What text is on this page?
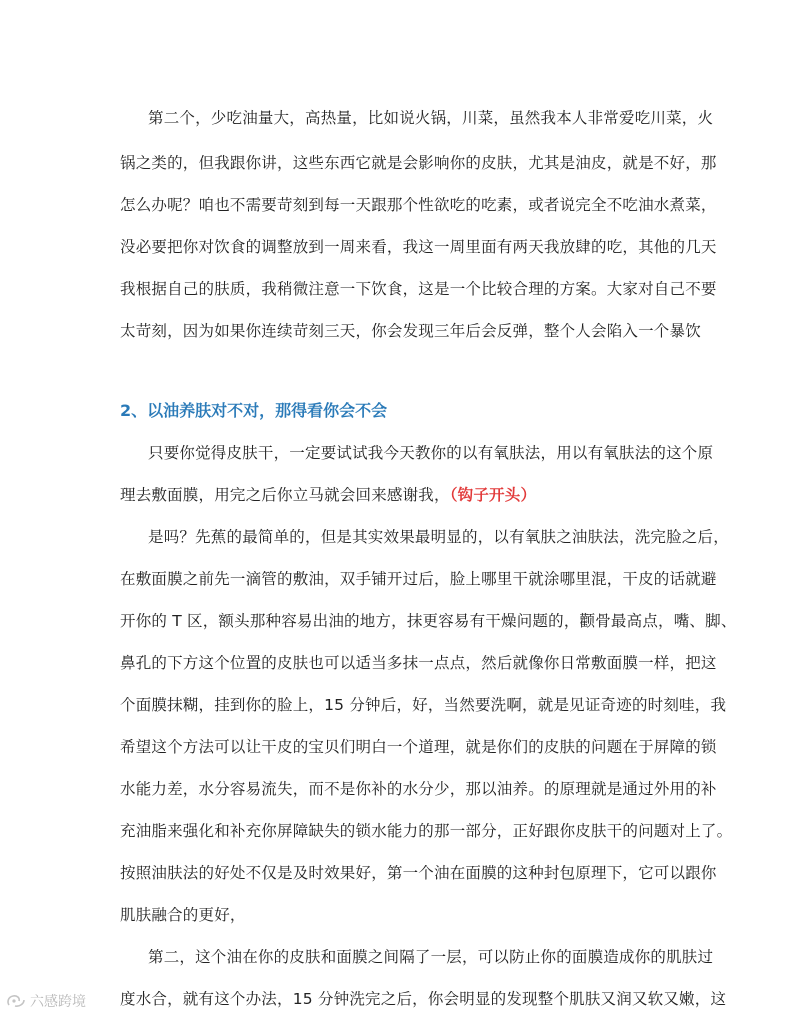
第二个，少吃油量大，高热量，比如说火锅，川菜，虽然我本人非常爱吃川菜，火
锅之类的，但我跟你讲，这些东西它就是会影响你的皮肤，尤其是油皮，就是不好，那
怎么办呢？咱也不需要苛刻到每一天跟那个性欲吃的吃素，或者说完全不吃油水煮菜，
没必要把你对饮食的调整放到一周来看，我这一周里面有两天我放肆的吃，其他的几天
我根据自己的肤质，我稍微注意一下饮食，这是一个比较合理的方案。大家对自己不要
太苛刻，因为如果你连续苛刻三天，你会发现三年后会反弹，整个人会陷入一个暴饮
2、以油养肤对不对，那得看你会不会
只要你觉得皮肤干，一定要试试我今天教你的以有氧肤法，用以有氧肤法的这个原
理去敷面膜，用完之后你立马就会回来感谢我，（钩子开头）
是吗？先蕉的最简单的，但是其实效果最明显的，以有氧肤之油肤法，洗完脸之后，
在敷面膜之前先一滴管的敷油，双手铺开过后，脸上哪里干就涂哪里混，干皮的话就避
开你的 T 区，额头那种容易出油的地方，抹更容易有干燥问题的，颧骨最高点，嘴、脚、
鼻孔的下方这个位置的皮肤也可以适当多抹一点点，然后就像你日常敷面膜一样，把这
个面膜抹糊，挂到你的脸上，15 分钟后，好，当然要洗啊，就是见证奇迹的时刻哇，我
希望这个方法可以让干皮的宝贝们明白一个道理，就是你们的皮肤的问题在于屏障的锁
水能力差，水分容易流失，而不是你补的水分少，那以油养。的原理就是通过外用的补
充油脂来强化和补充你屏障缺失的锁水能力的那一部分，正好跟你皮肤干的问题对上了。
按照油肤法的好处不仅是及时效果好，第一个油在面膜的这种封包原理下，它可以跟你
肌肤融合的更好，
第二，这个油在你的皮肤和面膜之间隔了一层，可以防止你的面膜造成你的肌肤过
度水合，就有这个办法，15 分钟洗完之后，你会明显的发现整个肌肤又润又软又嫩，这
六感跨境
